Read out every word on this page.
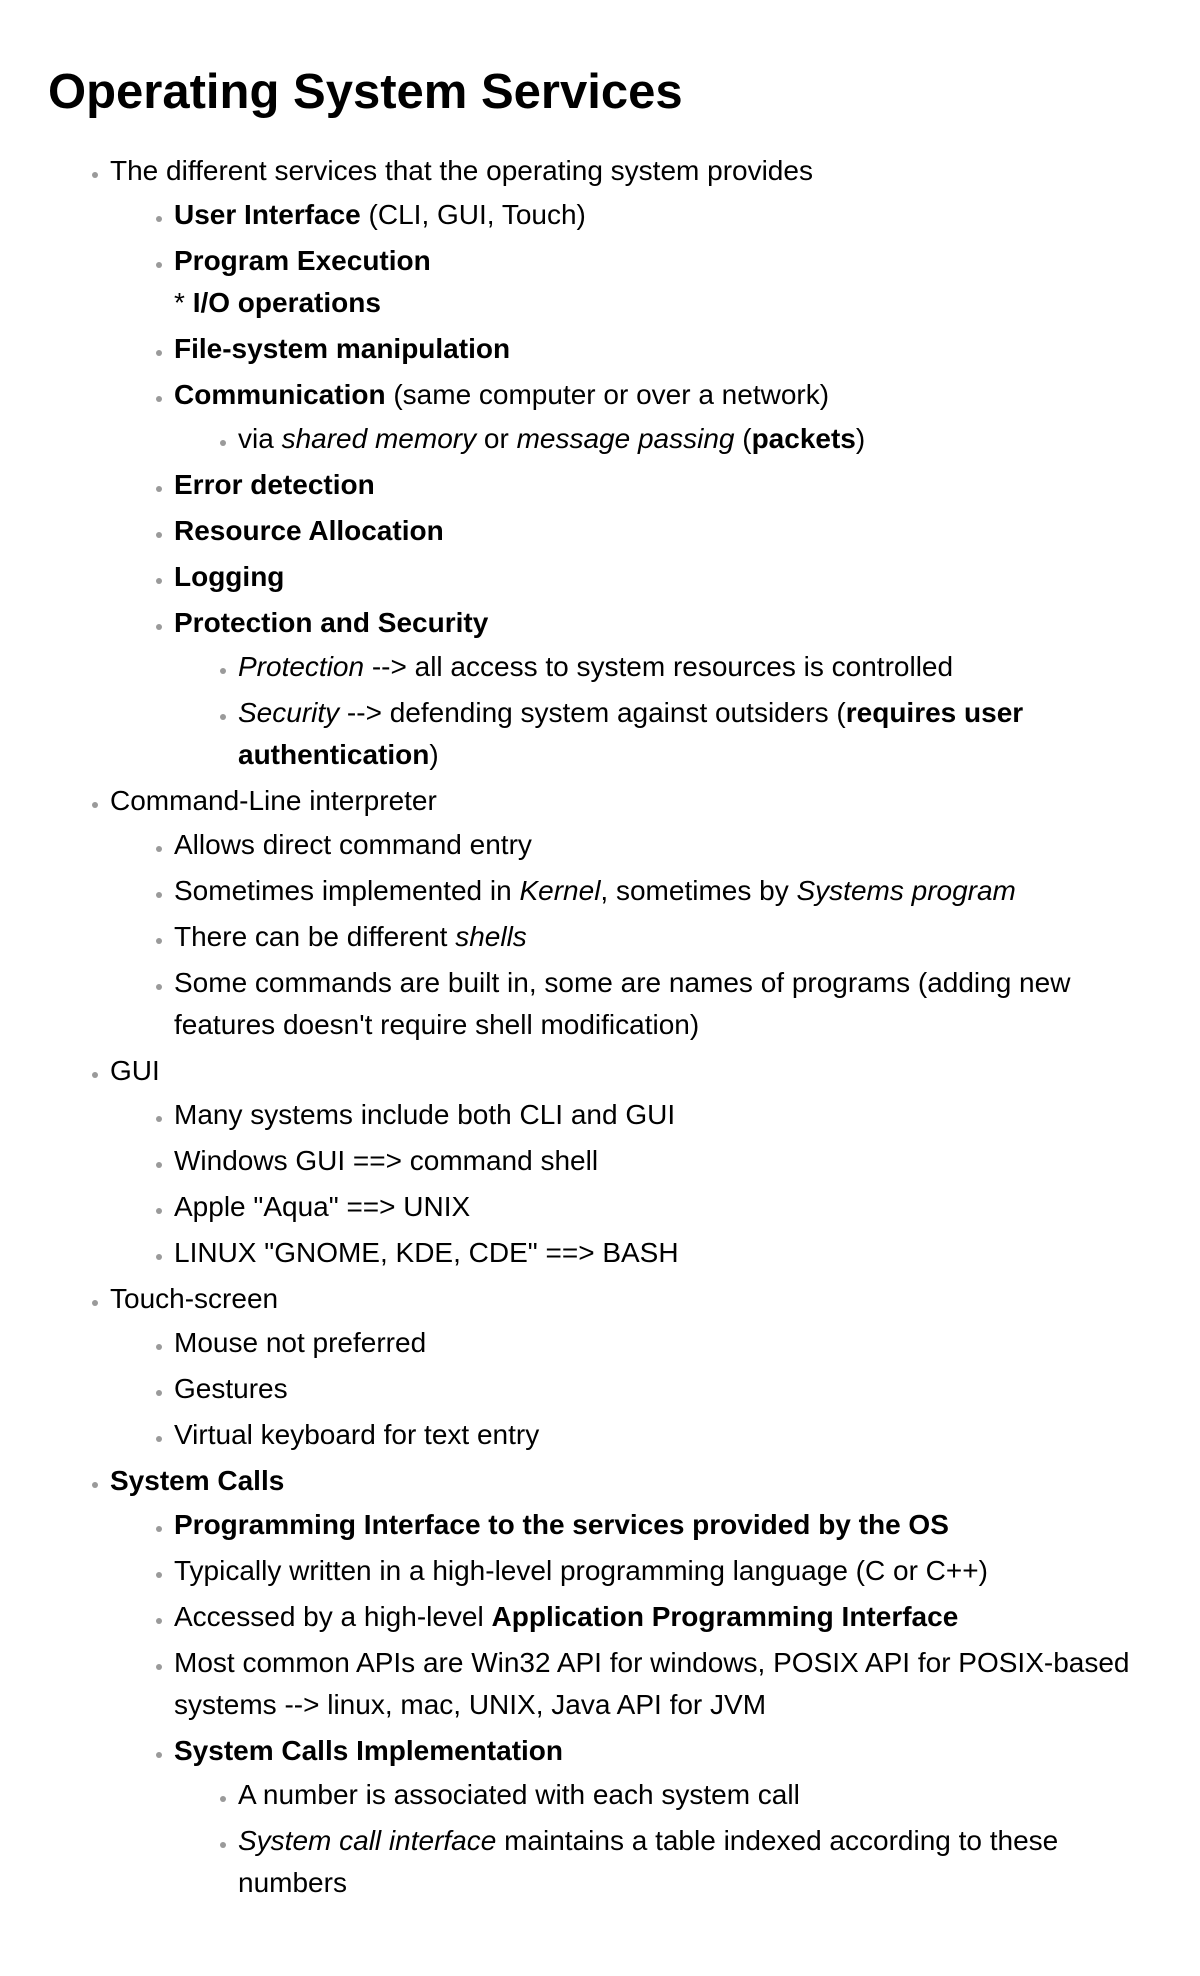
Operating System Services
• The different services that the operating system provides
• User Interface (CLI, GUI, Touch)
• Program Execution
* I/O operations
• File-system manipulation
• Communication (same computer or over a network)
• via shared memory or message passing (packets)
• Error detection
• Resource Allocation
• Logging
• Protection and Security
• Protection --> all access to system resources is controlled
• Security --> defending system against outsiders (requires user authentication)
• Command-Line interpreter
• Allows direct command entry
• Sometimes implemented in Kernel, sometimes by Systems program
• There can be different shells
• Some commands are built in, some are names of programs (adding new features doesn't require shell modification)
• GUI
• Many systems include both CLI and GUI
• Windows GUI ==> command shell
• Apple "Aqua" ==> UNIX
• LINUX "GNOME, KDE, CDE" ==> BASH
• Touch-screen
• Mouse not preferred
• Gestures
• Virtual keyboard for text entry
• System Calls
• Programming Interface to the services provided by the OS
• Typically written in a high-level programming language (C or C++)
• Accessed by a high-level Application Programming Interface
• Most common APIs are Win32 API for windows, POSIX API for POSIX-based systems --> linux, mac, UNIX, Java API for JVM
• System Calls Implementation
• A number is associated with each system call
• System call interface maintains a table indexed according to these numbers
